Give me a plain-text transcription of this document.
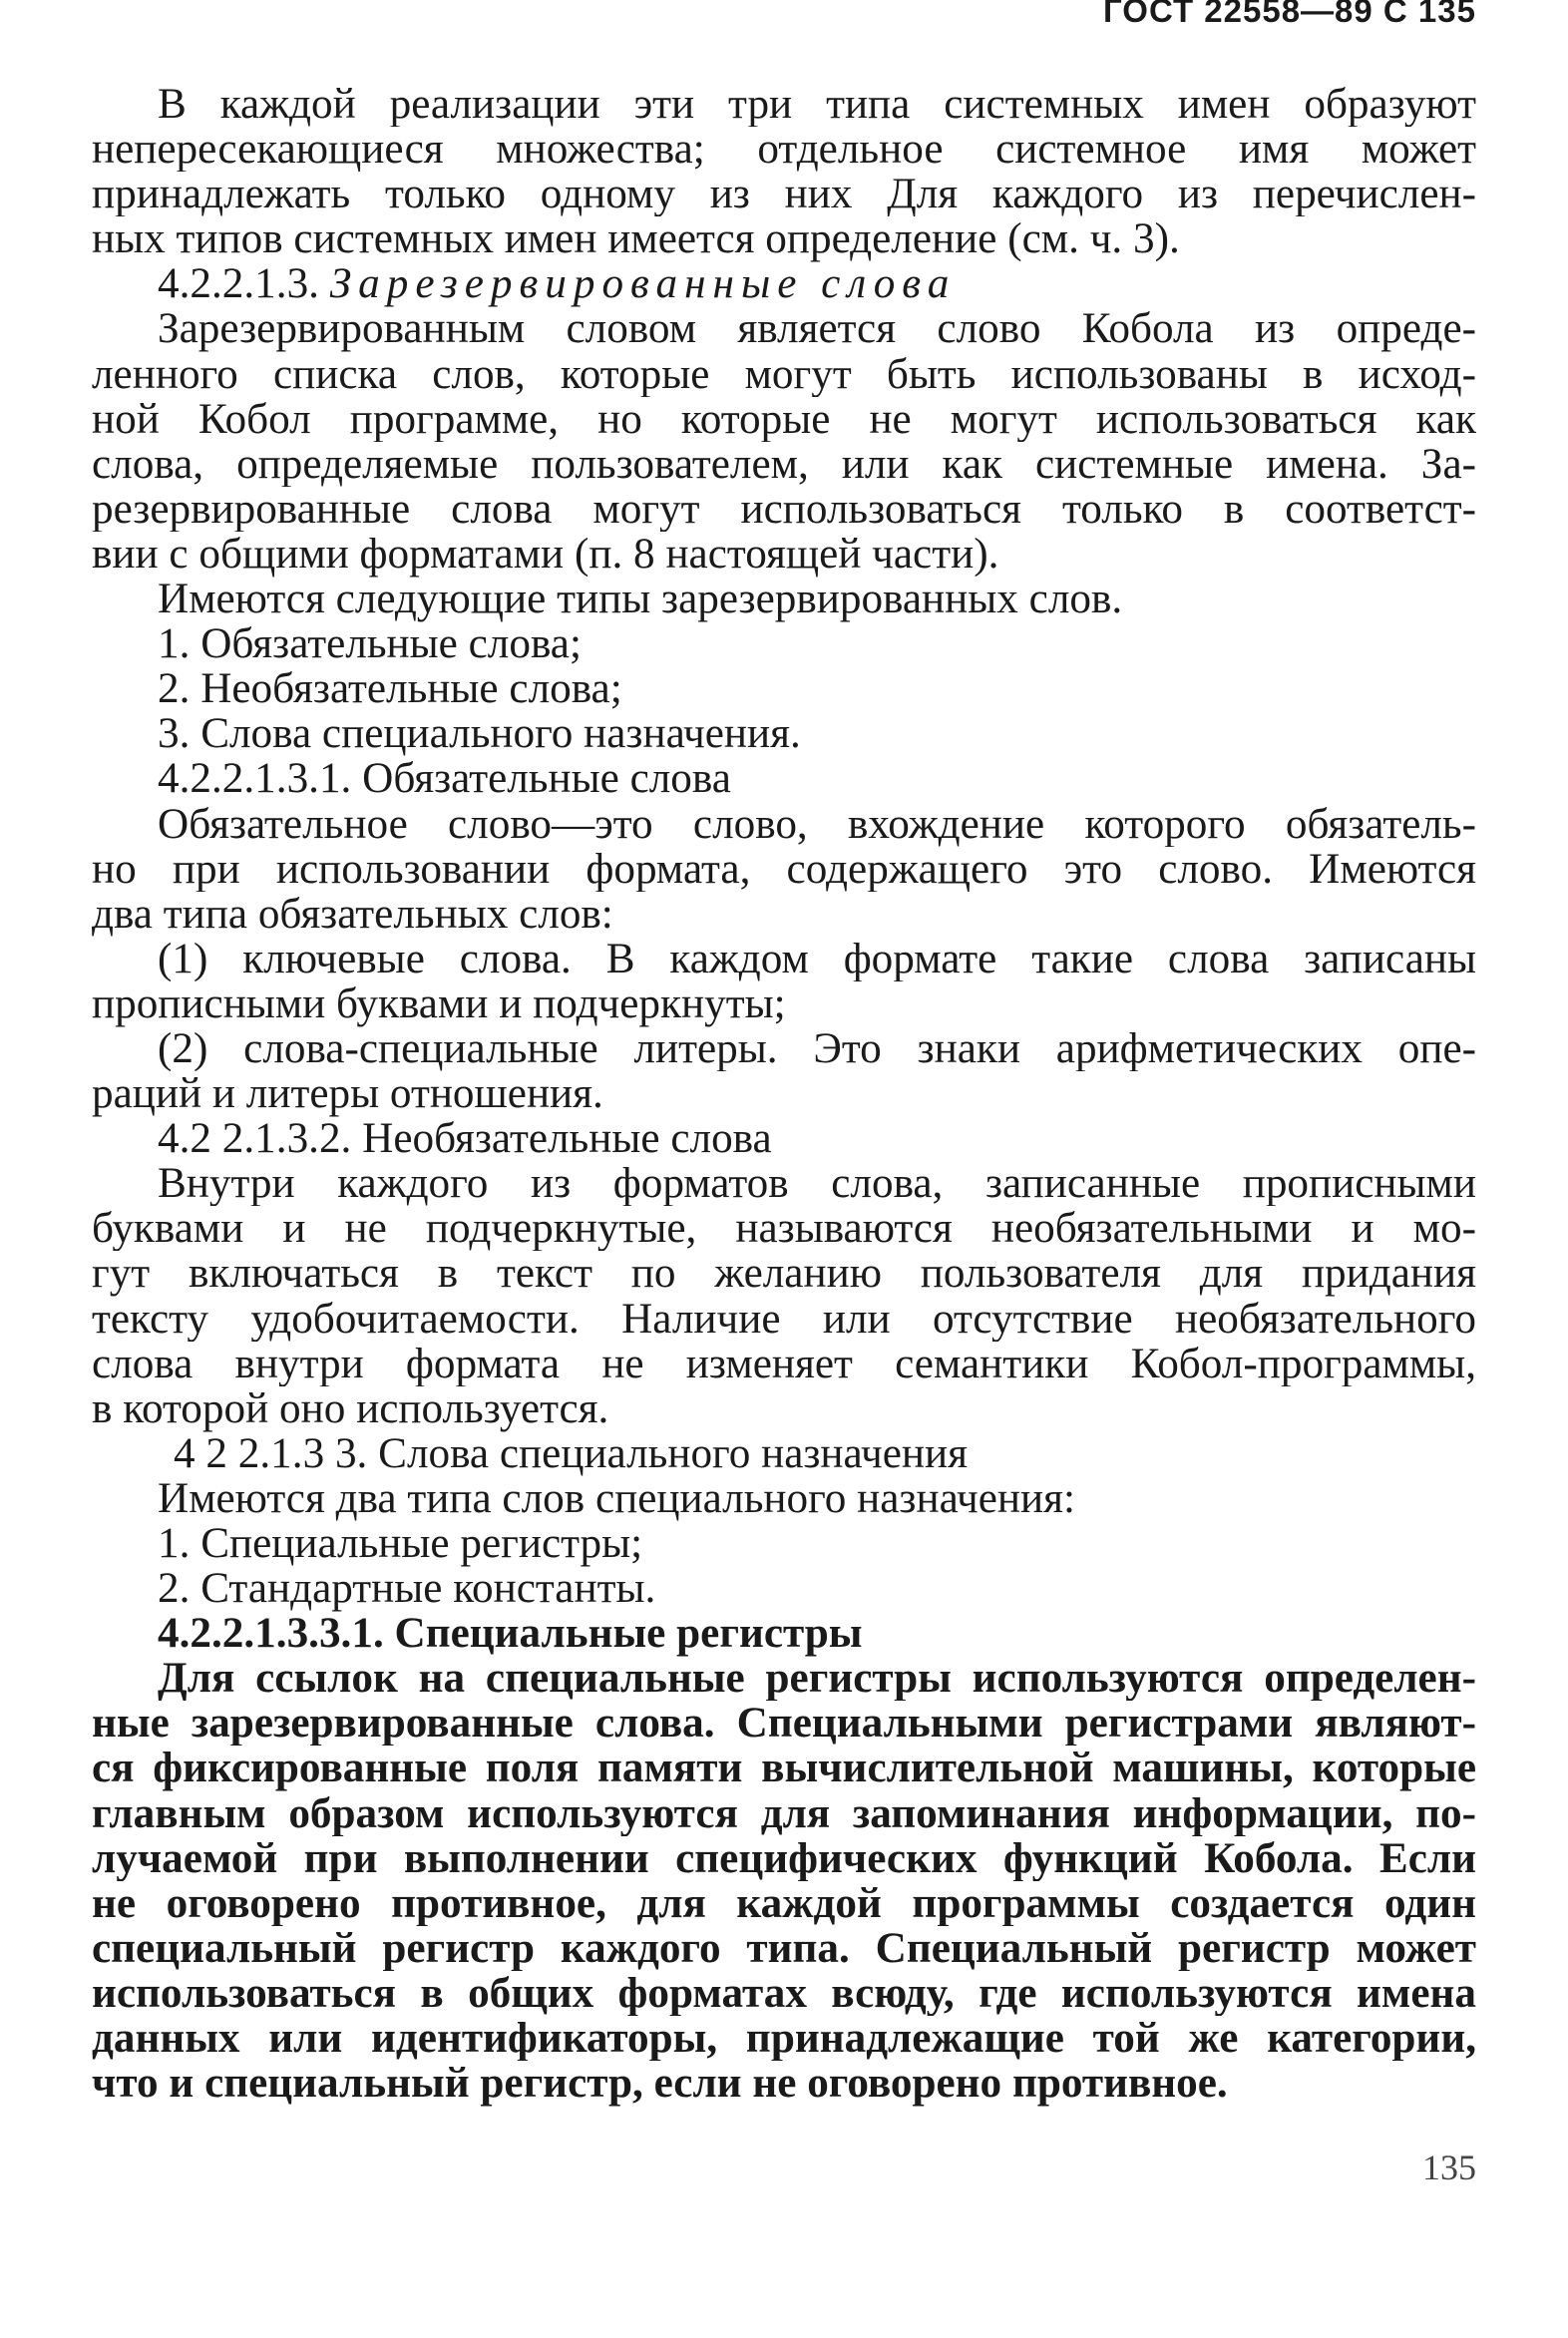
ГОСТ 22558—89 С 135
В каждой реализации эти три типа системных имен образуют
непересекающиеся множества; отдельное системное имя может
принадлежать только одному из них Для каждого из перечислен-
ных типов системных имен имеется определение (см. ч. 3).
4.2.2.1.3. Зарезервированные слова
Зарезервированным словом является слово Кобола из опреде-
ленного списка слов, которые могут быть использованы в исход-
ной Кобол программе, но которые не могут использоваться как
слова, определяемые пользователем, или как системные имена. За-
резервированные слова могут использоваться только в соответст-
вии с общими форматами (п. 8 настоящей части).
Имеются следующие типы зарезервированных слов.
1. Обязательные слова;
2. Необязательные слова;
3. Слова специального назначения.
4.2.2.1.3.1. Обязательные слова
Обязательное слово—это слово, вхождение которого обязатель-
но при использовании формата, содержащего это слово. Имеются
два типа обязательных слов:
(1) ключевые слова. В каждом формате такие слова записаны
прописными буквами и подчеркнуты;
(2) слова-специальные литеры. Это знаки арифметических опе-
раций и литеры отношения.
4.2 2.1.3.2. Необязательные слова
Внутри каждого из форматов слова, записанные прописными
буквами и не подчеркнутые, называются необязательными и мо-
гут включаться в текст по желанию пользователя для придания
тексту удобочитаемости. Наличие или отсутствие необязательного
слова внутри формата не изменяет семантики Кобол-программы,
в которой оно используется.
4 2 2.1.3 3. Слова специального назначения
Имеются два типа слов специального назначения:
1. Специальные регистры;
2. Стандартные константы.
4.2.2.1.3.3.1. Специальные регистры
Для ссылок на специальные регистры используются определен-
ные зарезервированные слова. Специальными регистрами являют-
ся фиксированные поля памяти вычислительной машины, которые
главным образом используются для запоминания информации, по-
лучаемой при выполнении специфических функций Кобола. Если
не оговорено противное, для каждой программы создается один
специальный регистр каждого типа. Специальный регистр может
использоваться в общих форматах всюду, где используются имена
данных или идентификаторы, принадлежащие той же категории,
что и специальный регистр, если не оговорено противное.
135
